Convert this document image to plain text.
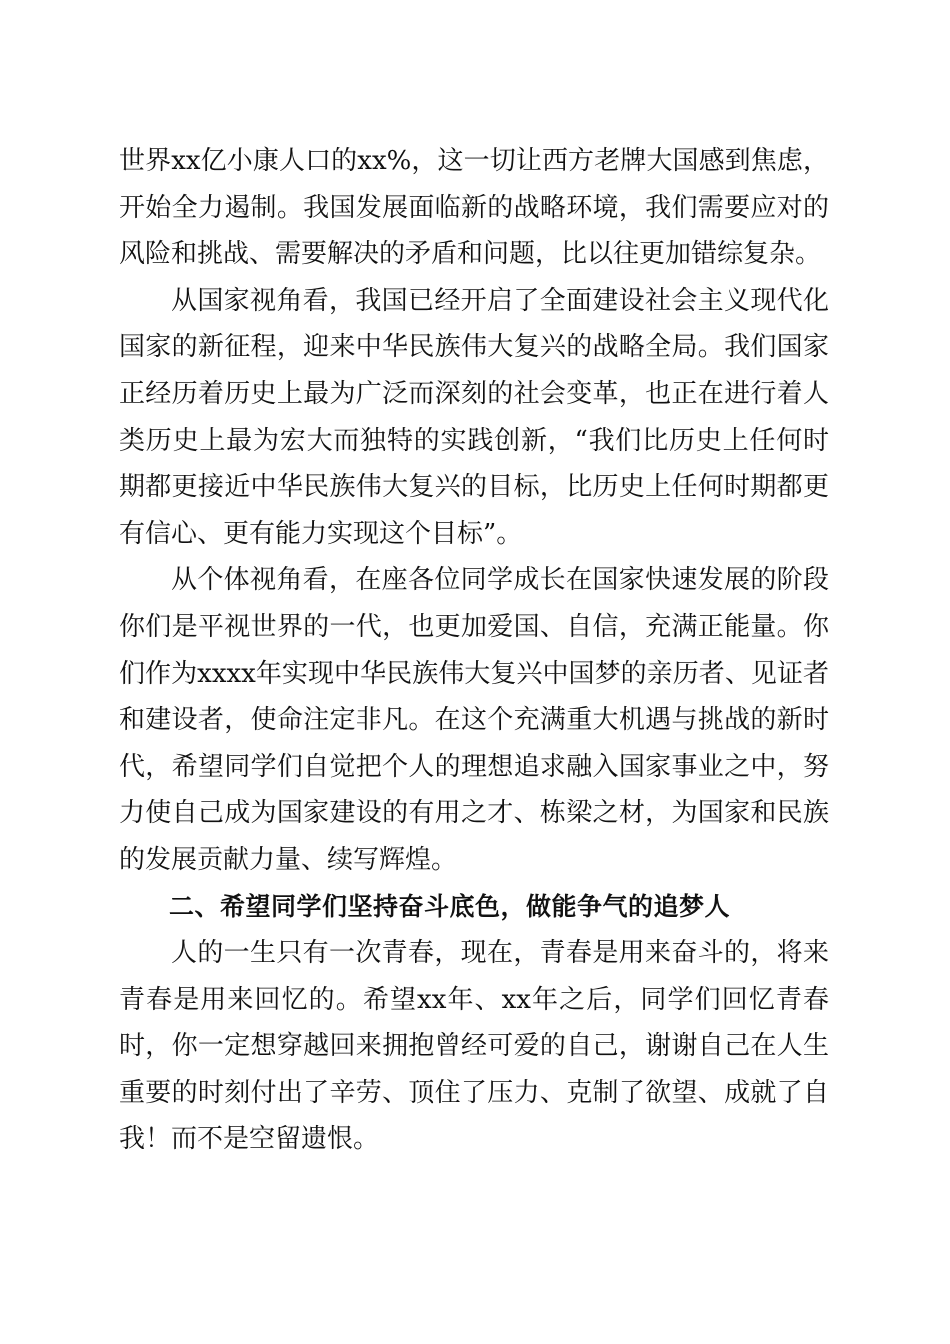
世界xx亿小康人口的xx%，这一切让西方老牌大国感到焦虑，开始全力遏制。我国发展面临新的战略环境，我们需要应对的风险和挑战、需要解决的矛盾和问题，比以往更加错综复杂。

从国家视角看，我国已经开启了全面建设社会主义现代化国家的新征程，迎来中华民族伟大复兴的战略全局。我们国家正经历着历史上最为广泛而深刻的社会变革，也正在进行着人类历史上最为宏大而独特的实践创新，“我们比历史上任何时期都更接近中华民族伟大复兴的目标，比历史上任何时期都更有信心、更有能力实现这个目标”。

从个体视角看，在座各位同学成长在国家快速发展的阶段你们是平视世界的一代，也更加爱国、自信，充满正能量。你们作为xxxx年实现中华民族伟大复兴中国梦的亲历者、见证者和建设者，使命注定非凡。在这个充满重大机遇与挑战的新时代，希望同学们自觉把个人的理想追求融入国家事业之中，努力使自己成为国家建设的有用之才、栋梁之材，为国家和民族的发展贡献力量、续写辉煌。

二、希望同学们坚持奋斗底色，做能争气的追梦人

人的一生只有一次青春，现在，青春是用来奋斗的，将来青春是用来回忆的。希望xx年、xx年之后，同学们回忆青春时，你一定想穿越回来拥抱曾经可爱的自己，谢谢自己在人生重要的时刻付出了辛劳、顶住了压力、克制了欲望、成就了自我！而不是空留遗恨。
